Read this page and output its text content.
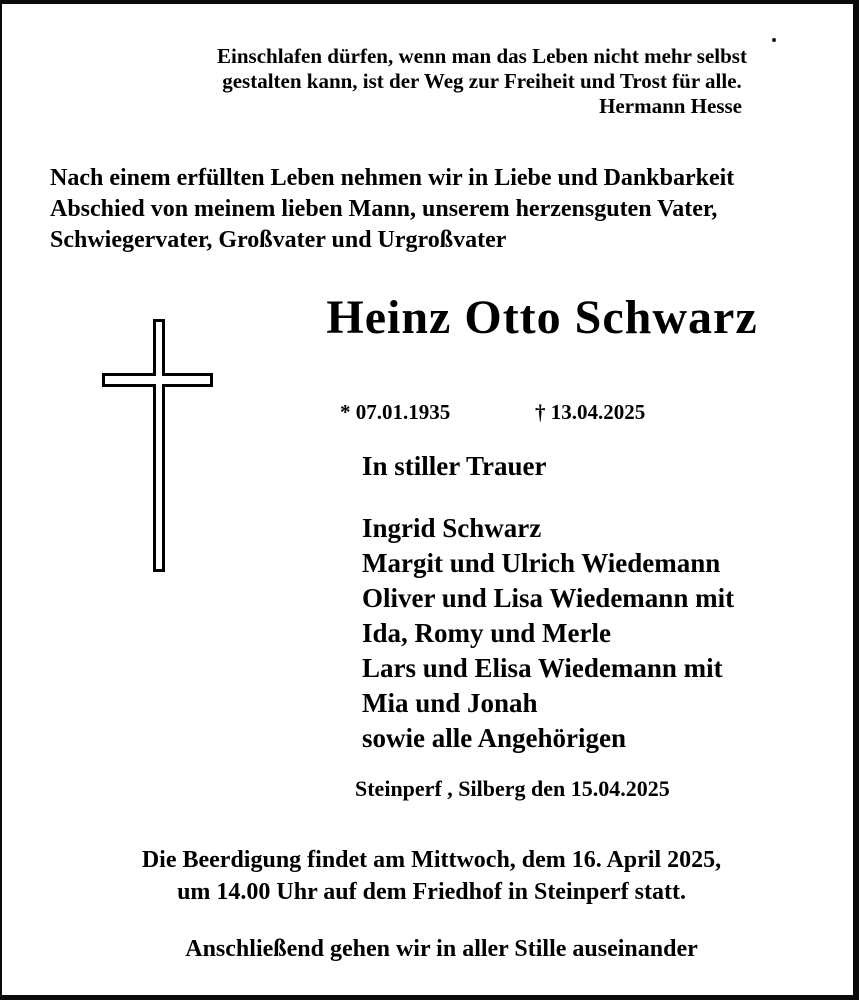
Einschlafen dürfen, wenn man das Leben nicht mehr selbst
gestalten kann, ist der Weg zur Freiheit und Trost für alle.
Hermann Hesse
Nach einem erfüllten Leben nehmen wir in Liebe und Dankbarkeit
Abschied von meinem lieben Mann, unserem herzensguten Vater,
Schwiegervater, Großvater und Urgroßvater
Heinz Otto Schwarz
* 07.01.1935	† 13.04.2025
In stiller Trauer
Ingrid Schwarz
Margit und Ulrich Wiedemann
Oliver und Lisa Wiedemann mit
Ida, Romy und Merle
Lars und Elisa Wiedemann mit
Mia und Jonah
sowie alle Angehörigen
Steinperf , Silberg den 15.04.2025
Die Beerdigung findet am Mittwoch, dem 16. April 2025,
um 14.00 Uhr auf dem Friedhof in Steinperf statt.
Anschließend gehen wir in aller Stille auseinander
